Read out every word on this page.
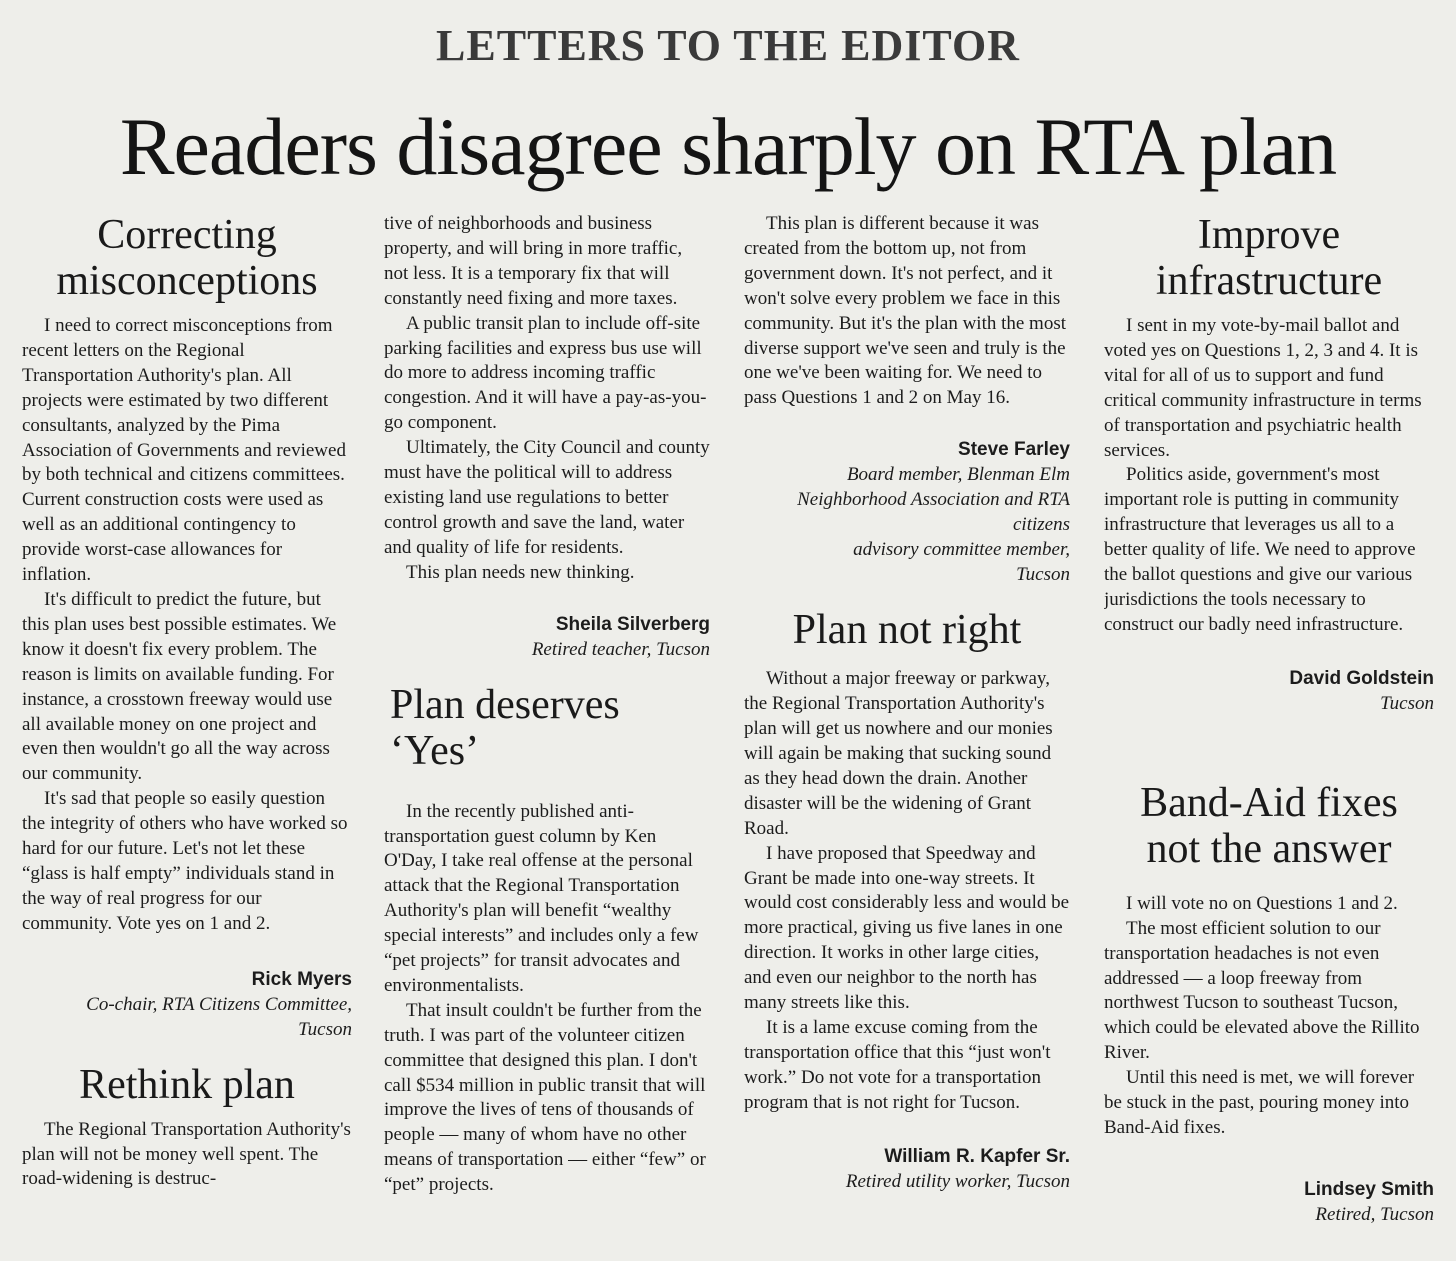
LETTERS TO THE EDITOR
Readers disagree sharply on RTA plan
Correcting misconceptions

I need to correct misconceptions from recent letters on the Regional Transportation Authority's plan. All projects were estimated by two different consultants, analyzed by the Pima Association of Governments and reviewed by both technical and citizens committees. Current construction costs were used as well as an additional contingency to provide worst-case allowances for inflation.

It's difficult to predict the future, but this plan uses best possible estimates. We know it doesn't fix every problem. The reason is limits on available funding. For instance, a crosstown freeway would use all available money on one project and even then wouldn't go all the way across our community.

It's sad that people so easily question the integrity of others who have worked so hard for our future. Let's not let these “glass is half empty” individuals stand in the way of real progress for our community. Vote yes on 1 and 2.

Rick Myers
Co-chair, RTA Citizens Committee,
Tucson
Rethink plan

The Regional Transportation Authority's plan will not be money well spent. The road-widening is destruc-

tive of neighborhoods and business property, and will bring in more traffic, not less. It is a temporary fix that will constantly need fixing and more taxes.

A public transit plan to include off-site parking facilities and express bus use will do more to address incoming traffic congestion. And it will have a pay-as-you-go component.

Ultimately, the City Council and county must have the political will to address existing land use regulations to better control growth and save the land, water and quality of life for residents.

This plan needs new thinking.

Sheila Silverberg
Retired teacher, Tucson
Plan deserves ‘Yes’

In the recently published anti-transportation guest column by Ken O'Day, I take real offense at the personal attack that the Regional Transportation Authority's plan will benefit “wealthy special interests” and includes only a few “pet projects” for transit advocates and environmentalists.

That insult couldn't be further from the truth. I was part of the volunteer citizen committee that designed this plan. I don't call $534 million in public transit that will improve the lives of tens of thousands of people — many of whom have no other means of transportation — either “few” or “pet” projects.

This plan is different because it was created from the bottom up, not from government down. It's not perfect, and it won't solve every problem we face in this community. But it's the plan with the most diverse support we've seen and truly is the one we've been waiting for. We need to pass Questions 1 and 2 on May 16.

Steve Farley
Board member, Blenman Elm Neighborhood Association and RTA citizens
advisory committee member,
Tucson
Plan not right

Without a major freeway or parkway, the Regional Transportation Authority's plan will get us nowhere and our monies will again be making that sucking sound as they head down the drain. Another disaster will be the widening of Grant Road.

I have proposed that Speedway and Grant be made into one-way streets. It would cost considerably less and would be more practical, giving us five lanes in one direction. It works in other large cities, and even our neighbor to the north has many streets like this.

It is a lame excuse coming from the transportation office that this “just won't work.” Do not vote for a transportation program that is not right for Tucson.

William R. Kapfer Sr.
Retired utility worker, Tucson
Improve infrastructure

I sent in my vote-by-mail ballot and voted yes on Questions 1, 2, 3 and 4. It is vital for all of us to support and fund critical community infrastructure in terms of transportation and psychiatric health services.

Politics aside, government's most important role is putting in community infrastructure that leverages us all to a better quality of life. We need to approve the ballot questions and give our various jurisdictions the tools necessary to construct our badly need infrastructure.

David Goldstein
Tucson
Band-Aid fixes not the answer

I will vote no on Questions 1 and 2.

The most efficient solution to our transportation headaches is not even addressed — a loop freeway from northwest Tucson to southeast Tucson, which could be elevated above the Rillito River.

Until this need is met, we will forever be stuck in the past, pouring money into Band-Aid fixes.

Lindsey Smith
Retired, Tucson
